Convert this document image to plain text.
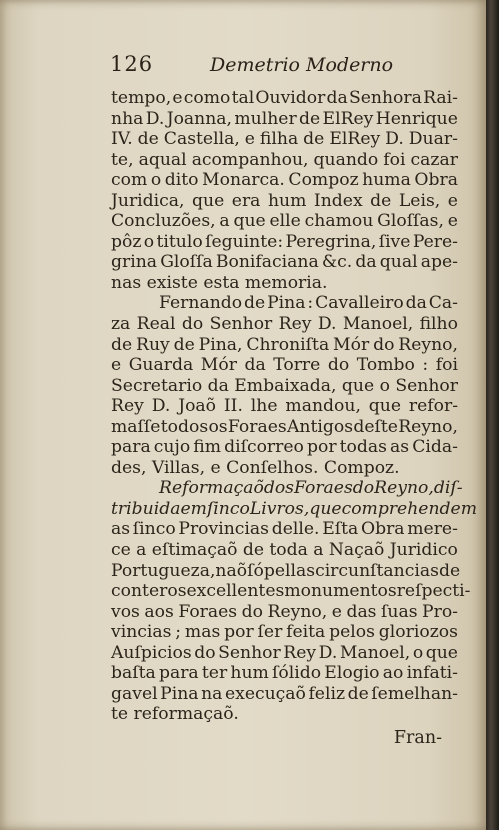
126	Demetrio Moderno
tempo, e como tal Ouvidor da Senhora Rai-
nha D. Joanna, mulher de ElRey Henrique
IV. de Castella, e filha de ElRey D. Duar-
te, aqual acompanhou, quando foi cazar
com o dito Monarca. Compoz huma Obra
Juridica, que era hum Index de Leis, e
Concluzões, a que elle chamou Gloſſas, e
pôz o titulo ſeguinte: Peregrina, ſive Pere-
grina Gloſſa Bonifaciana &c. da qual ape-
nas existe esta memoria.
Fernando de Pina : Cavalleiro da Ca-
za Real do Senhor Rey D. Manoel, filho
de Ruy de Pina, Chroniſta Mór do Reyno,
e Guarda Mór da Torre do Tombo : foi
Secretario da Embaixada, que o Senhor
Rey D. Joaõ II. lhe mandou, que refor-
maſſe todos os Foraes Antigos deſte Reyno,
para cujo fim diſcorreo por todas as Cida-
des, Villas, e Conſelhos. Compoz.
Reformaçaõ dos Foraes do Reyno, diſ-
tribuida em ſinco Livros, que comprehendem
as ſinco Provincias delle. Eſta Obra mere-
ce a eſtimaçaõ de toda a Naçaõ Juridico
Portugueza, naõ ſó pellas circunſtancias de
conter os excellentes monumentos reſpecti-
vos aos Foraes do Reyno, e das ſuas Pro-
vincias ; mas por ſer feita pelos gloriozos
Auſpicios do Senhor Rey D. Manoel, o que
baſta para ter hum ſólido Elogio ao infati-
gavel Pina na execuçaõ feliz de ſemelhan-
te reformaçaõ.
Fran-
